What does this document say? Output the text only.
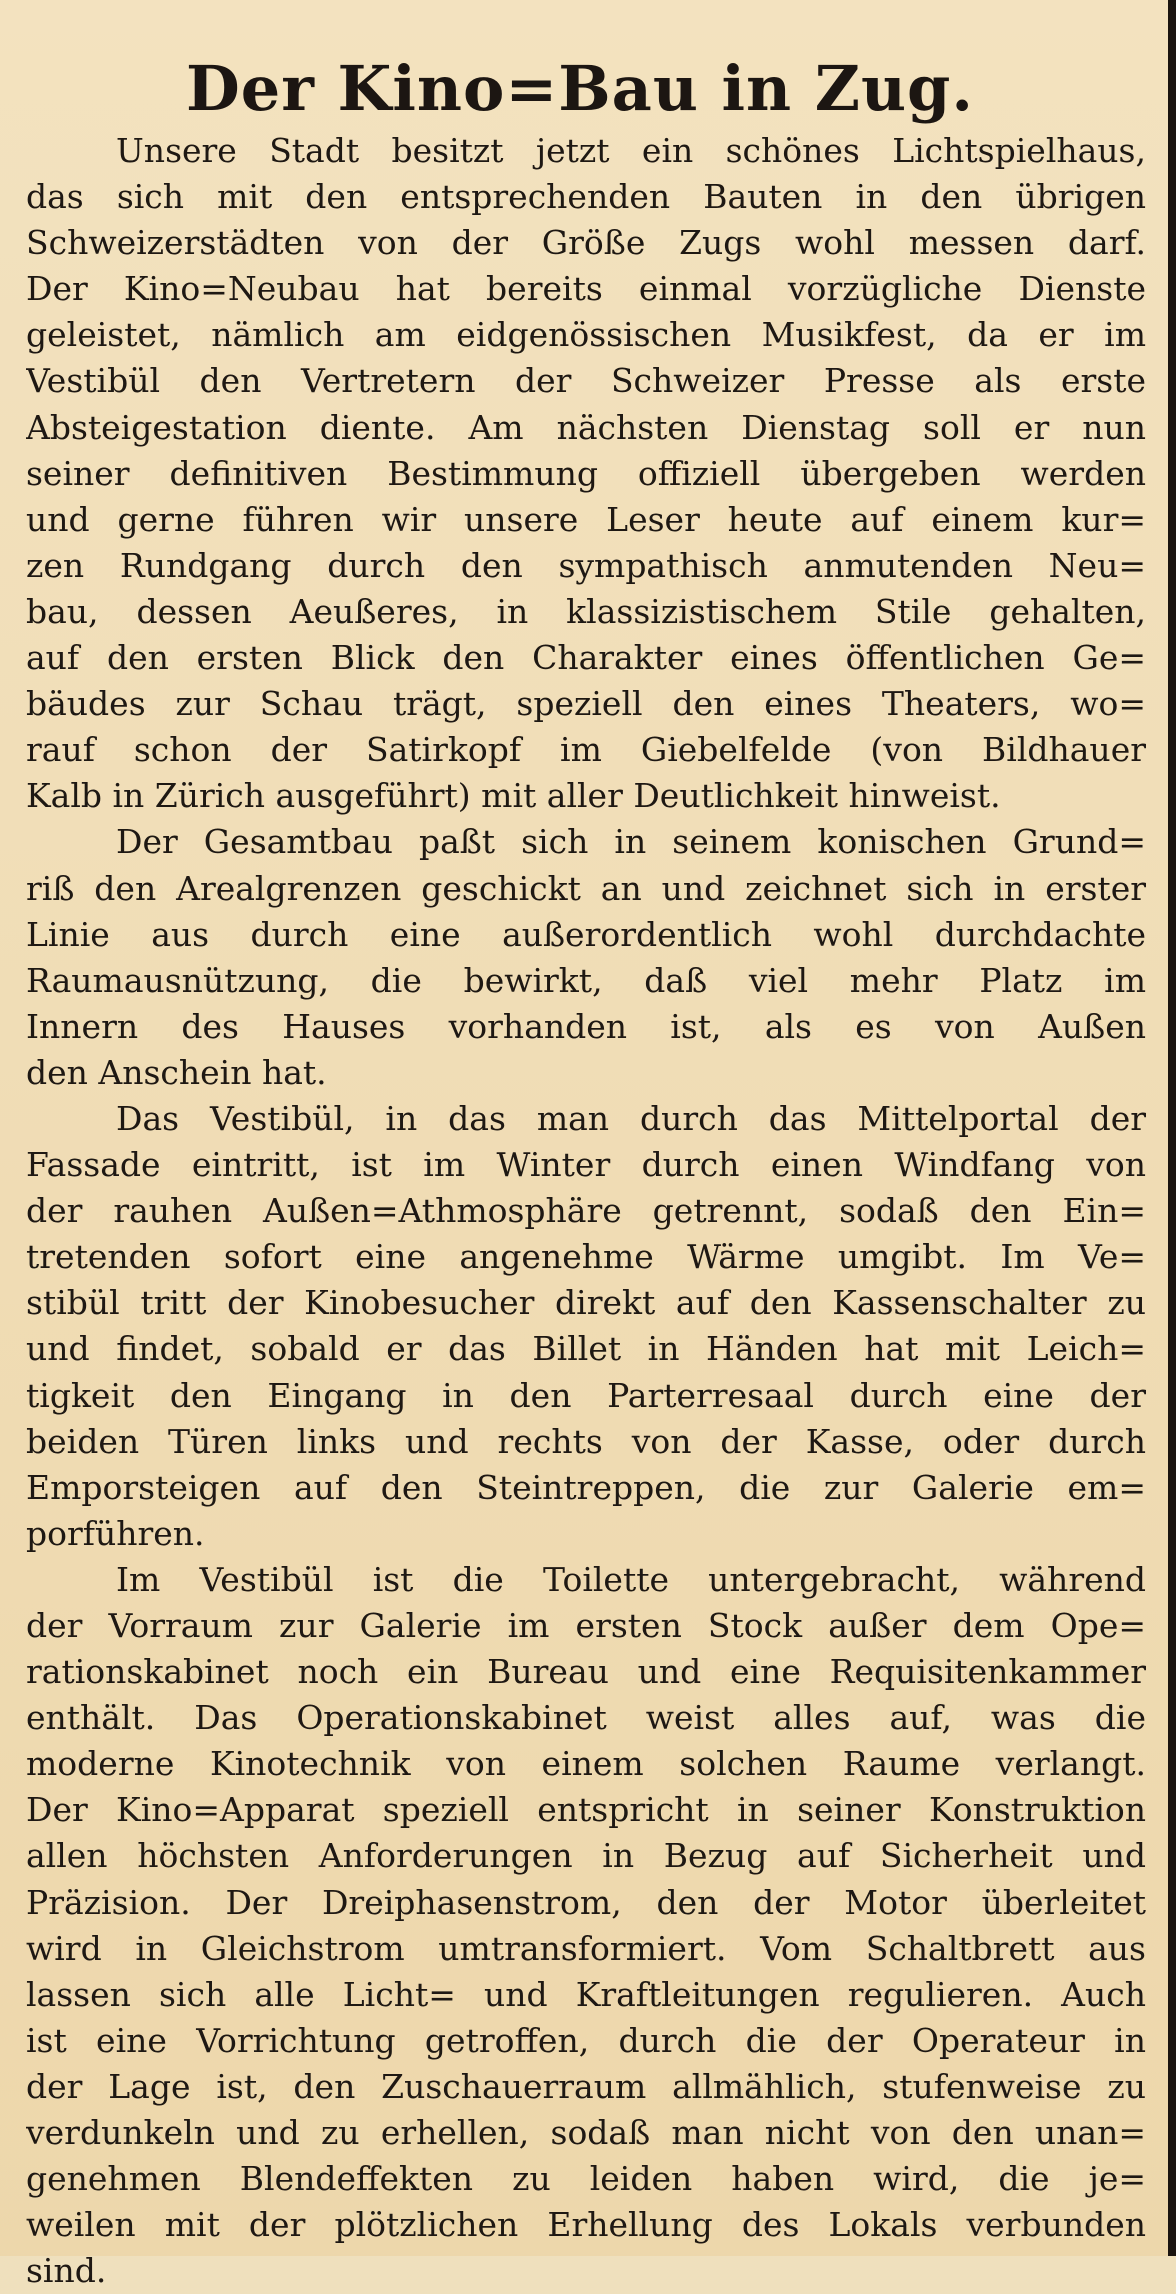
Der Kino=Bau in Zug.
Unsere Stadt besitzt jetzt ein schönes Lichtspielhaus,
das sich mit den entsprechenden Bauten in den übrigen
Schweizerstädten von der Größe Zugs wohl messen darf.
Der Kino=Neubau hat bereits einmal vorzügliche Dienste
geleistet, nämlich am eidgenössischen Musikfest, da er im
Vestibül den Vertretern der Schweizer Presse als erste
Absteigestation diente. Am nächsten Dienstag soll er nun
seiner definitiven Bestimmung offiziell übergeben werden
und gerne führen wir unsere Leser heute auf einem kur=
zen Rundgang durch den sympathisch anmutenden Neu=
bau, dessen Aeußeres, in klassizistischem Stile gehalten,
auf den ersten Blick den Charakter eines öffentlichen Ge=
bäudes zur Schau trägt, speziell den eines Theaters, wo=
rauf schon der Satirkopf im Giebelfelde (von Bildhauer
Kalb in Zürich ausgeführt) mit aller Deutlichkeit hinweist.
Der Gesamtbau paßt sich in seinem konischen Grund=
riß den Arealgrenzen geschickt an und zeichnet sich in erster
Linie aus durch eine außerordentlich wohl durchdachte
Raumausnützung, die bewirkt, daß viel mehr Platz im
Innern des Hauses vorhanden ist, als es von Außen
den Anschein hat.
Das Vestibül, in das man durch das Mittelportal der
Fassade eintritt, ist im Winter durch einen Windfang von
der rauhen Außen=Athmosphäre getrennt, sodaß den Ein=
tretenden sofort eine angenehme Wärme umgibt. Im Ve=
stibül tritt der Kinobesucher direkt auf den Kassenschalter zu
und findet, sobald er das Billet in Händen hat mit Leich=
tigkeit den Eingang in den Parterresaal durch eine der
beiden Türen links und rechts von der Kasse, oder durch
Emporsteigen auf den Steintreppen, die zur Galerie em=
porführen.
Im Vestibül ist die Toilette untergebracht, während
der Vorraum zur Galerie im ersten Stock außer dem Ope=
rationskabinet noch ein Bureau und eine Requisitenkammer
enthält. Das Operationskabinet weist alles auf, was die
moderne Kinotechnik von einem solchen Raume verlangt.
Der Kino=Apparat speziell entspricht in seiner Konstruktion
allen höchsten Anforderungen in Bezug auf Sicherheit und
Präzision. Der Dreiphasenstrom, den der Motor überleitet
wird in Gleichstrom umtransformiert. Vom Schaltbrett aus
lassen sich alle Licht= und Kraftleitungen regulieren. Auch
ist eine Vorrichtung getroffen, durch die der Operateur in
der Lage ist, den Zuschauerraum allmählich, stufenweise zu
verdunkeln und zu erhellen, sodaß man nicht von den unan=
genehmen Blendeffekten zu leiden haben wird, die je=
weilen mit der plötzlichen Erhellung des Lokals verbunden
sind.
